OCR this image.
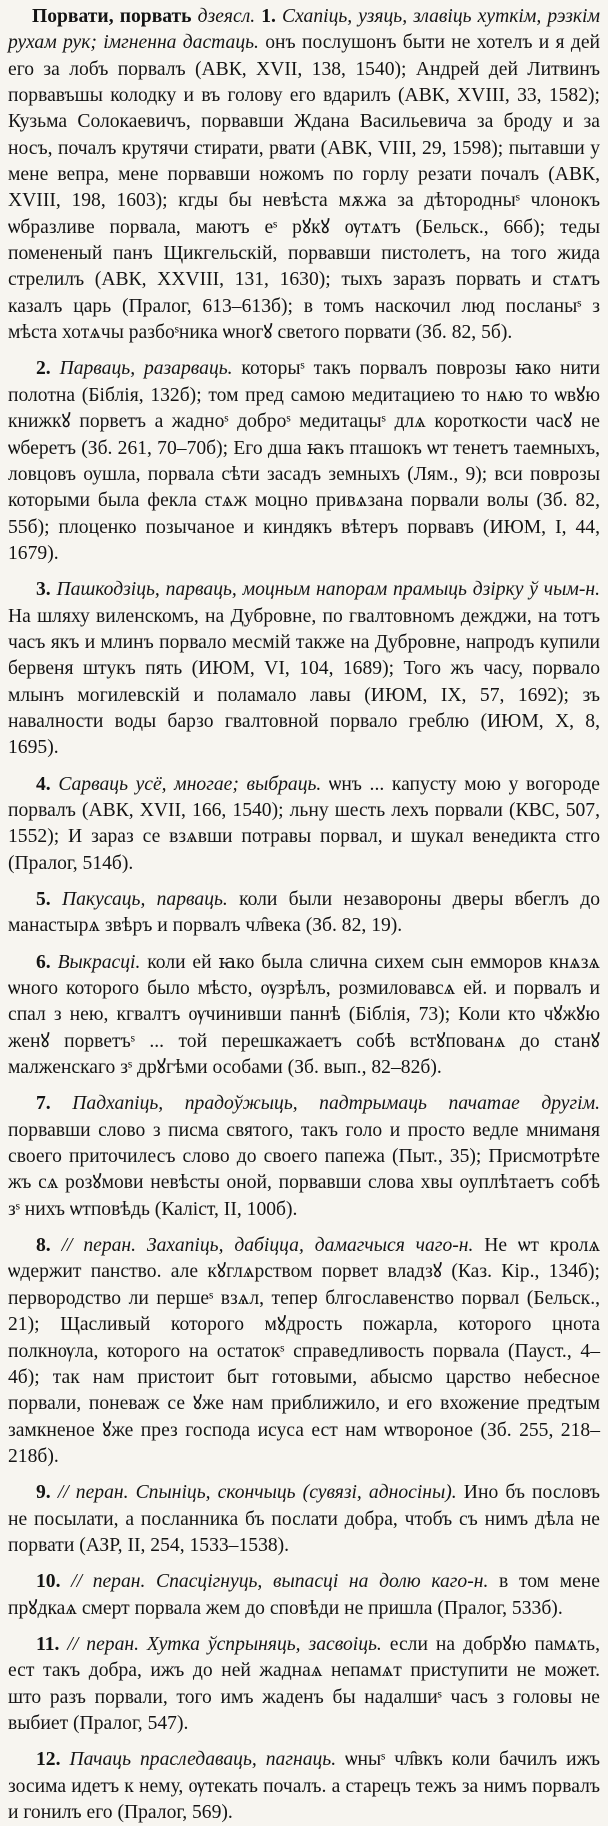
Порвати, порвать дзеясл. 1. Схапіць, узяць, злавіць хуткім, рэзкім рухам рук; імгненна дастаць. онъ послушонъ быти не хотелъ и я дей его за лобъ порвалъ (АВК, XVII, 138, 1540); Андрей дей Литвинъ порвавъшы колодку и въ голову его вдарилъ (АВК, XVIII, 33, 1582); Кузьма Солокаевичъ, порвавши Ждана Васильевича за броду и за носъ, почалъ крутячи стирати, рвати (АВК, VIII, 29, 1598); пытавши у мене вепра, мене порвавши ножомъ по горлу резати почалъ (АВК, XVIII, 198, 1603); кгды бы невѣста мѫжа за дѣтородныˢ члонокъ ѡбразливе порвала, маютъ еˢ рꙋкꙋ ѹтѧтъ (Бельск., 66б); теды помененый панъ Щикгельскій, порвавши пистолетъ, на того жида стрелилъ (АВК, XXVIII, 131, 1630); тыхъ заразъ порвать и стѧтъ казалъ царь (Пралог, 613–613б); в томъ наскочил люд посланыˢ з мѣста хотѧчы разбоˢника ѡногꙋ светого порвати (Зб. 82, 5б).

2. Парваць, разарваць. которыˢ такъ порвалъ поврозы ꙗко нити полотна (Біблія, 132б); том пред самою медитациею то нѧю то ѡвꙋю книжкꙋ порветъ а жадноˢ доброˢ медитацыˢ длѧ короткости часꙋ не ѡберетъ (Зб. 261, 70–70б); Его дша ꙗкъ пташокъ ѡт тенетъ таемныхъ, ловцовъ оушла, порвала сѣти засадъ земныхъ (Лям., 9); вси поврозы которыми была фекла стѧж моцно привѧзана порвали волы (Зб. 82, 55б); плоценко позычаное и киндякъ вѣтеръ порвавъ (ИЮМ, I, 44, 1679).

3. Пашкодзіць, парваць, моцным напорам прамыць дзірку ў чым-н. На шляху виленскомъ, на Дубровне, по гвалтовномъ дежджи, на тотъ часъ якъ и млинъ порвало месмій также на Дубровне, напродъ купили бервеня штукъ пять (ИЮМ, VI, 104, 1689); Того жъ часу, порвало млынъ могилевскій и поламало лавы (ИЮМ, IX, 57, 1692); зъ навалности воды барзо гвалтовной порвало греблю (ИЮМ, X, 8, 1695).

4. Сарваць усё, многае; выбраць. ѡнъ ... капусту мою у вогороде порвалъ (АВК, XVII, 166, 1540); льну шесть лехъ порвали (КВС, 507, 1552); И зараз се взѧвши потравы порвал, и шукал венедикта стго (Пралог, 514б).

5. Пакусаць, парваць. коли были незавороны дверы вбеглъ до манастырѧ звѣръ и порвалъ чл̑века (Зб. 82, 19).

6. Выкрасці. коли ей ꙗко была слична сихем сын емморов кнѧзѧ ѡного которого было мѣсто, ѹзрѣлъ, розмиловавсѧ ей. и порвалъ и спал з нею, кгвалтъ ѹчинивши паннѣ (Біблія, 73); Коли кто чꙋжꙋю женꙋ порветъˢ ... той перешкажаетъ собѣ встꙋпованѧ до станꙋ малженскаго зˢ дрꙋгѣми особами (Зб. вып., 82–82б).

7. Падхапіць, прадоўжыць, падтрымаць пачатае другім. порвавши слово з писма святого, такъ голо и просто ведле мниманя своего приточилесъ слово до своего папежа (Пыт., 35); Присмотрѣте жъ сѧ розꙋмови невѣсты оной, порвавши слова хвы оуплѣтаетъ собѣ зˢ нихъ ѡтповѣдь (Каліст, II, 100б).

8. // перан. Захапіць, дабіцца, дамагчыся чаго-н. Не ѡт кролѧ ѡдержит панство. але кꙋглѧрством порвет владзꙋ (Каз. Кір., 134б); первородство ли першеˢ взѧл, тепер блгославенство порвал (Бельск., 21); Щасливый которого мꙋдрость пожарла, которого цнота полкнѹла, которого на остатокˢ справедливость порвала (Пауст., 4–4б); так нам пристоит быт готовыми, абысмо царство небесное порвали, поневаж се ꙋже нам приближило, и его вхожение предтым замкненое ꙋже през господа исуса ест нам ѡтвороное (Зб. 255, 218–218б).

9. // перан. Спыніць, скончыць (сувязі, адносіны). Ино бъ пословъ не посылати, а посланника бъ послати добра, чтобъ съ нимъ дѣла не порвати (АЗР, II, 254, 1533–1538).

10. // перан. Спасцігнуць, выпасці на долю каго-н. в том мене прꙋдкаѧ смерт порвала жем до сповѣди не пришла (Пралог, 533б).

11. // перан. Хутка ўспрыняць, засвоіць. если на добрꙋю памѧть, ест такъ добра, ижъ до ней жаднаѧ непамѧт приступити не может. што разъ порвали, того имъ жаденъ бы надалшиˢ часъ з головы не выбиет (Пралог, 547).

12. Пачаць праследаваць, пагнаць. ѡныˢ чл̑вкъ коли бачилъ ижъ зосима идетъ к нему, ѹтекать почалъ. а старецъ тежъ за нимъ порвалъ и гонилъ его (Пралог, 569).
